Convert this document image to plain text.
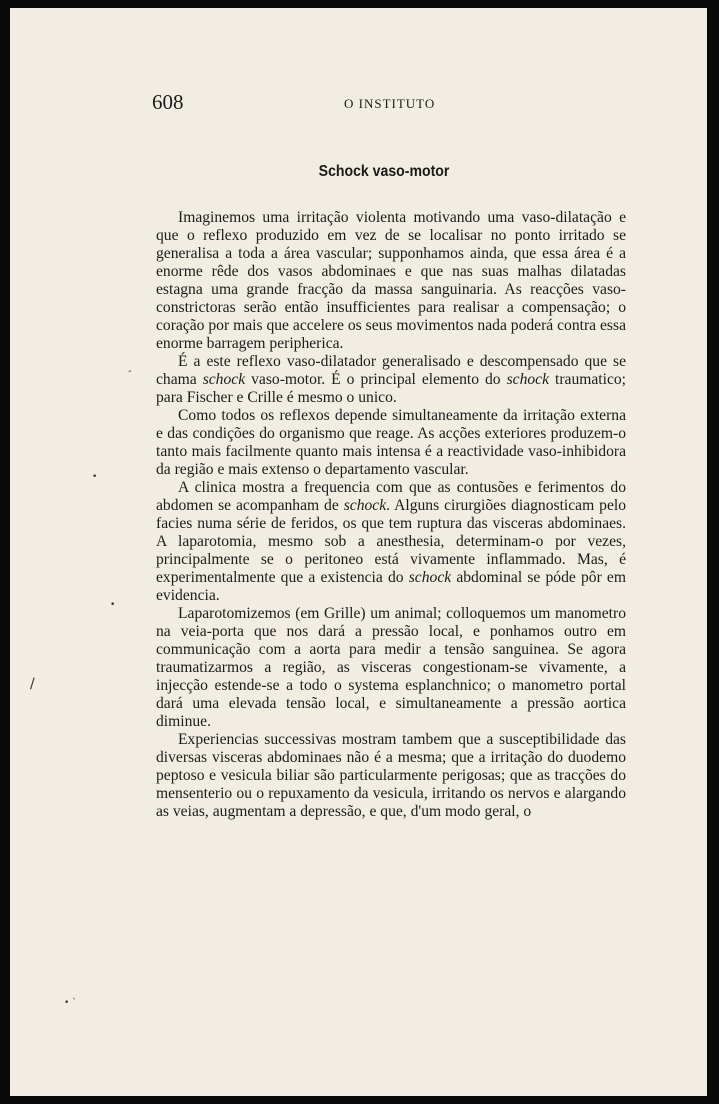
608	O INSTITUTO
Schock vaso-motor

Imaginemos uma irritação violenta motivando uma vaso-dilatação e que o reflexo produzido em vez de se localisar no ponto irritado se generalisa a toda a área vascular; supponhamos ainda, que essa área é a enorme rêde dos vasos abdominaes e que nas suas malhas dilatadas estagna uma grande fracção da massa sanguinaria. As reacções vaso-constrictoras serão então insufficientes para realisar a compensação; o coração por mais que accelere os seus movimentos nada poderá contra essa enorme barragem peripherica.

É a este reflexo vaso-dilatador generalisado e descompensado que se chama schock vaso-motor. É o principal elemento do schock traumatico; para Fischer e Crille é mesmo o unico.

Como todos os reflexos depende simultaneamente da irritação externa e das condições do organismo que reage. As acções exteriores produzem-o tanto mais facilmente quanto mais intensa é a reactividade vaso-inhibidora da região e mais extenso o departamento vascular.

A clinica mostra a frequencia com que as contusões e ferimentos do abdomen se acompanham de schock. Alguns cirurgiões diagnosticam pelo facies numa série de feridos, os que tem ruptura das visceras abdominaes. A laparotomia, mesmo sob a anesthesia, determinam-o por vezes, principalmente se o peritoneo está vivamente inflammado. Mas, é experimentalmente que a existencia do schock abdominal se póde pôr em evidencia.

Laparotomizemos (em Grille) um animal; colloquemos um manometro na veia-porta que nos dará a pressão local, e ponhamos outro em communicação com a aorta para medir a tensão sanguinea. Se agora traumatizarmos a região, as visceras congestionam-se vivamente, a injecção estende-se a todo o systema esplanchnico; o manometro portal dará uma elevada tensão local, e simultaneamente a pressão aortica diminue.

Experiencias successivas mostram tambem que a susceptibilidade das diversas visceras abdominaes não é a mesma; que a irritação do duodemo peptoso e vesicula biliar são particularmente perigosas; que as tracções do mensenterio ou o repuxamento da vesicula, irritando os nervos e alargando as veias, augmentam a depressão, e que, d'um modo geral, o

-
•
•
/
• ˋ
